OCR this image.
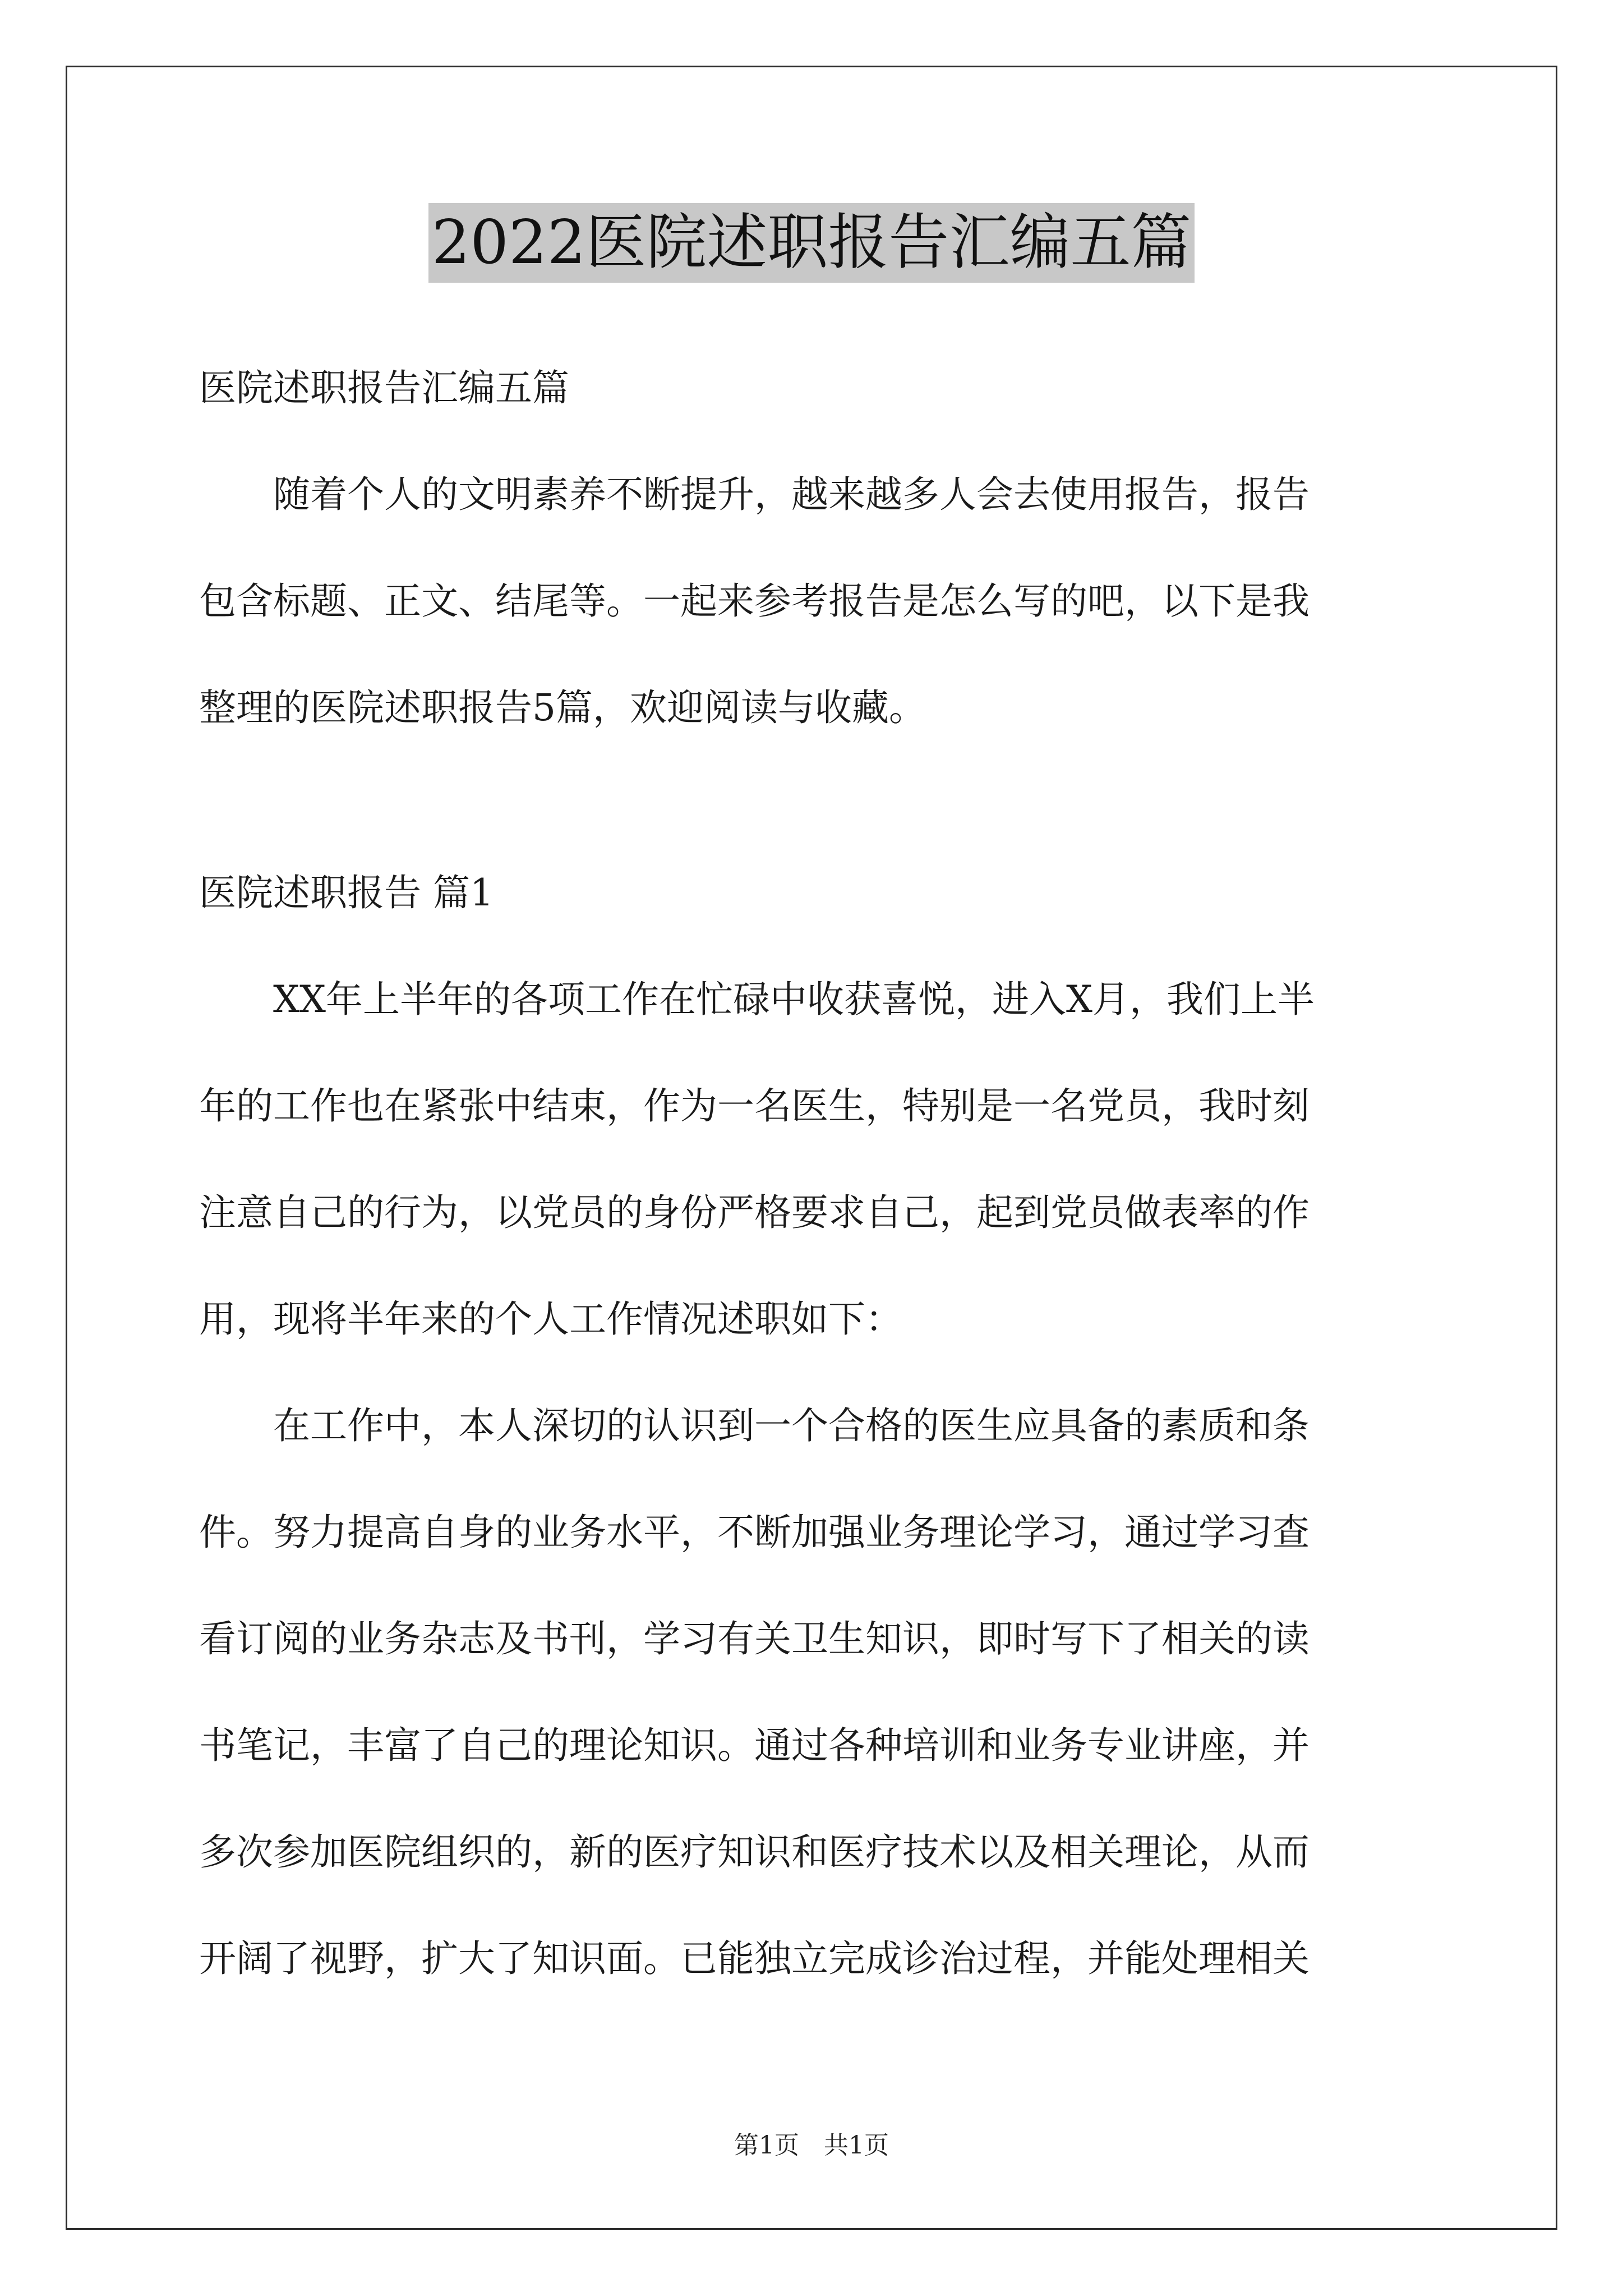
2022医院述职报告汇编五篇
医院述职报告汇编五篇
随着个人的文明素养不断提升，越来越多人会去使用报告，报告
包含标题、正文、结尾等。一起来参考报告是怎么写的吧，以下是我
整理的医院述职报告5篇，欢迎阅读与收藏。
医院述职报告 篇1
XX年上半年的各项工作在忙碌中收获喜悦，进入X月，我们上半
年的工作也在紧张中结束，作为一名医生，特别是一名党员，我时刻
注意自己的行为，以党员的身份严格要求自己，起到党员做表率的作
用，现将半年来的个人工作情况述职如下：
在工作中，本人深切的认识到一个合格的医生应具备的素质和条
件。努力提高自身的业务水平，不断加强业务理论学习，通过学习查
看订阅的业务杂志及书刊，学习有关卫生知识，即时写下了相关的读
书笔记，丰富了自己的理论知识。通过各种培训和业务专业讲座，并
多次参加医院组织的，新的医疗知识和医疗技术以及相关理论，从而
开阔了视野，扩大了知识面。已能独立完成诊治过程，并能处理相关
第1页　共1页
